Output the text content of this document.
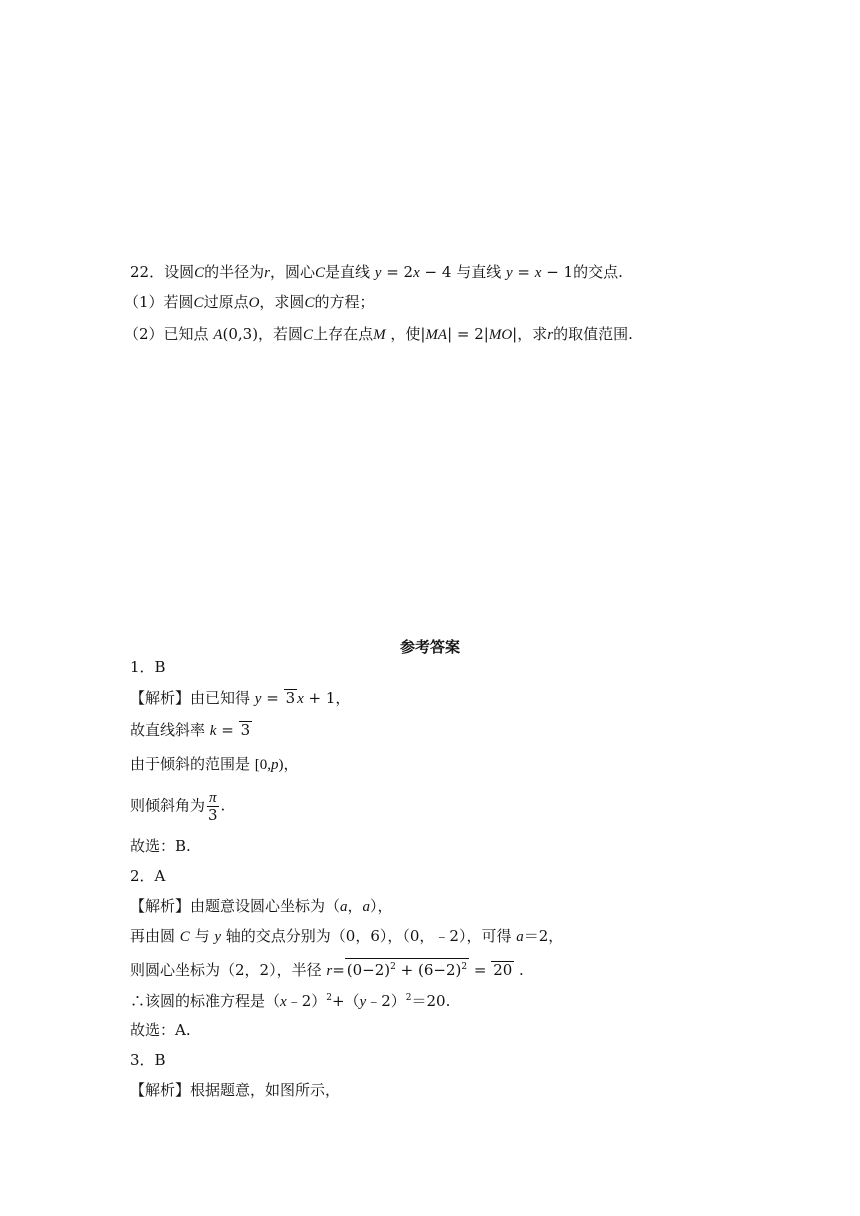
22．设圆C的半径为r，圆心C是直线 y = 2x − 4 与直线 y = x − 1的交点.
（1）若圆C过原点O，求圆C的方程；
（2）已知点 A(0,3)，若圆C上存在点M ，使|MA| = 2|MO|，求r的取值范围.
参考答案
1．B
【解析】由已知得 y = 3 x + 1，
故直线斜率 k = 3
由于倾斜的范围是 [0,p)，
则倾斜角为 $\frac{\pi}{3}$ .
故选：B.
2．A
【解析】由题意设圆心坐标为（a，a），
再由圆 C 与 y 轴的交点分别为（0，6），（0，﹣2），可得 a＝2，
则圆心坐标为（2，2），半径 $r= (0-2)^2 + (6-2)^2 = 20$ .
∴该圆的标准方程是（x﹣2）$^2$+（y﹣2）$^2$＝20.
故选：A.
3．B
【解析】根据题意，如图所示，
